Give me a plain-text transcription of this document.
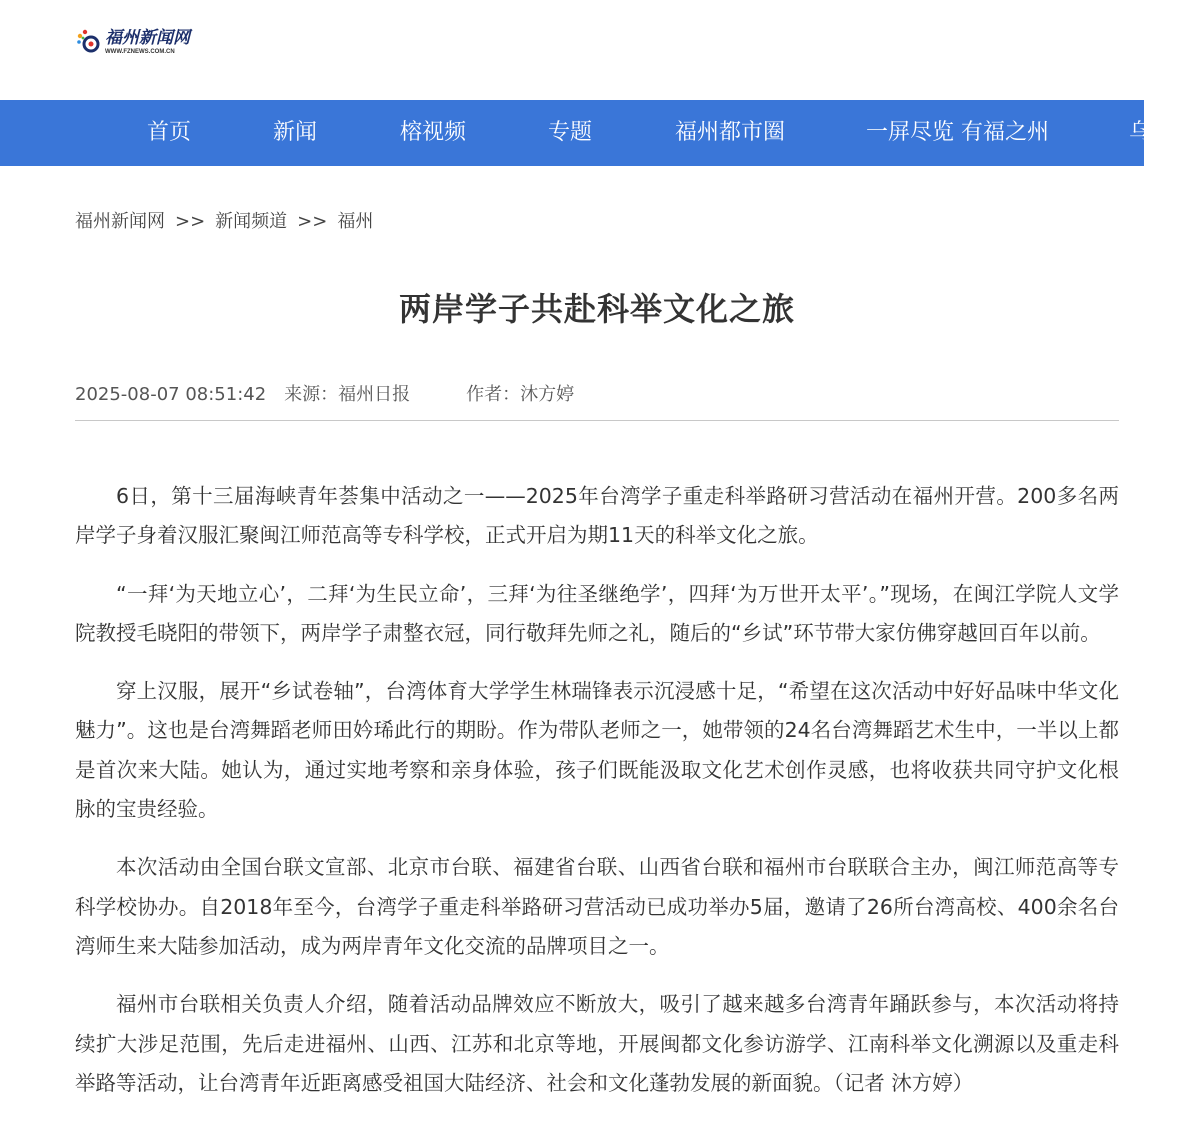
福州新闻网
WWW.FZNEWS.COM.CN
首页	新闻	榕视频	专题	福州都市圈	一屏尽览 有福之州	乌
福州新闻网 >> 新闻频道 >> 福州
两岸学子共赴科举文化之旅
2025-08-07 08:51:42 来源：福州日报	作者：沐方婷

6日，第十三届海峡青年荟集中活动之一——2025年台湾学子重走科举路研习营活动在福州开营。200多名两岸学子身着汉服汇聚闽江师范高等专科学校，正式开启为期11天的科举文化之旅。

“一拜‘为天地立心’，二拜‘为生民立命’，三拜‘为往圣继绝学’，四拜‘为万世开太平’。”现场，在闽江学院人文学院教授毛晓阳的带领下，两岸学子肃整衣冠，同行敬拜先师之礼，随后的“乡试”环节带大家仿佛穿越回百年以前。

穿上汉服，展开“乡试卷轴”，台湾体育大学学生林瑞锋表示沉浸感十足，“希望在这次活动中好好品味中华文化魅力”。这也是台湾舞蹈老师田妗琋此行的期盼。作为带队老师之一，她带领的24名台湾舞蹈艺术生中，一半以上都是首次来大陆。她认为，通过实地考察和亲身体验，孩子们既能汲取文化艺术创作灵感，也将收获共同守护文化根脉的宝贵经验。

本次活动由全国台联文宣部、北京市台联、福建省台联、山西省台联和福州市台联联合主办，闽江师范高等专科学校协办。自2018年至今，台湾学子重走科举路研习营活动已成功举办5届，邀请了26所台湾高校、400余名台湾师生来大陆参加活动，成为两岸青年文化交流的品牌项目之一。

福州市台联相关负责人介绍，随着活动品牌效应不断放大，吸引了越来越多台湾青年踊跃参与，本次活动将持续扩大涉足范围，先后走进福州、山西、江苏和北京等地，开展闽都文化参访游学、江南科举文化溯源以及重走科举路等活动，让台湾青年近距离感受祖国大陆经济、社会和文化蓬勃发展的新面貌。（记者 沐方婷）
